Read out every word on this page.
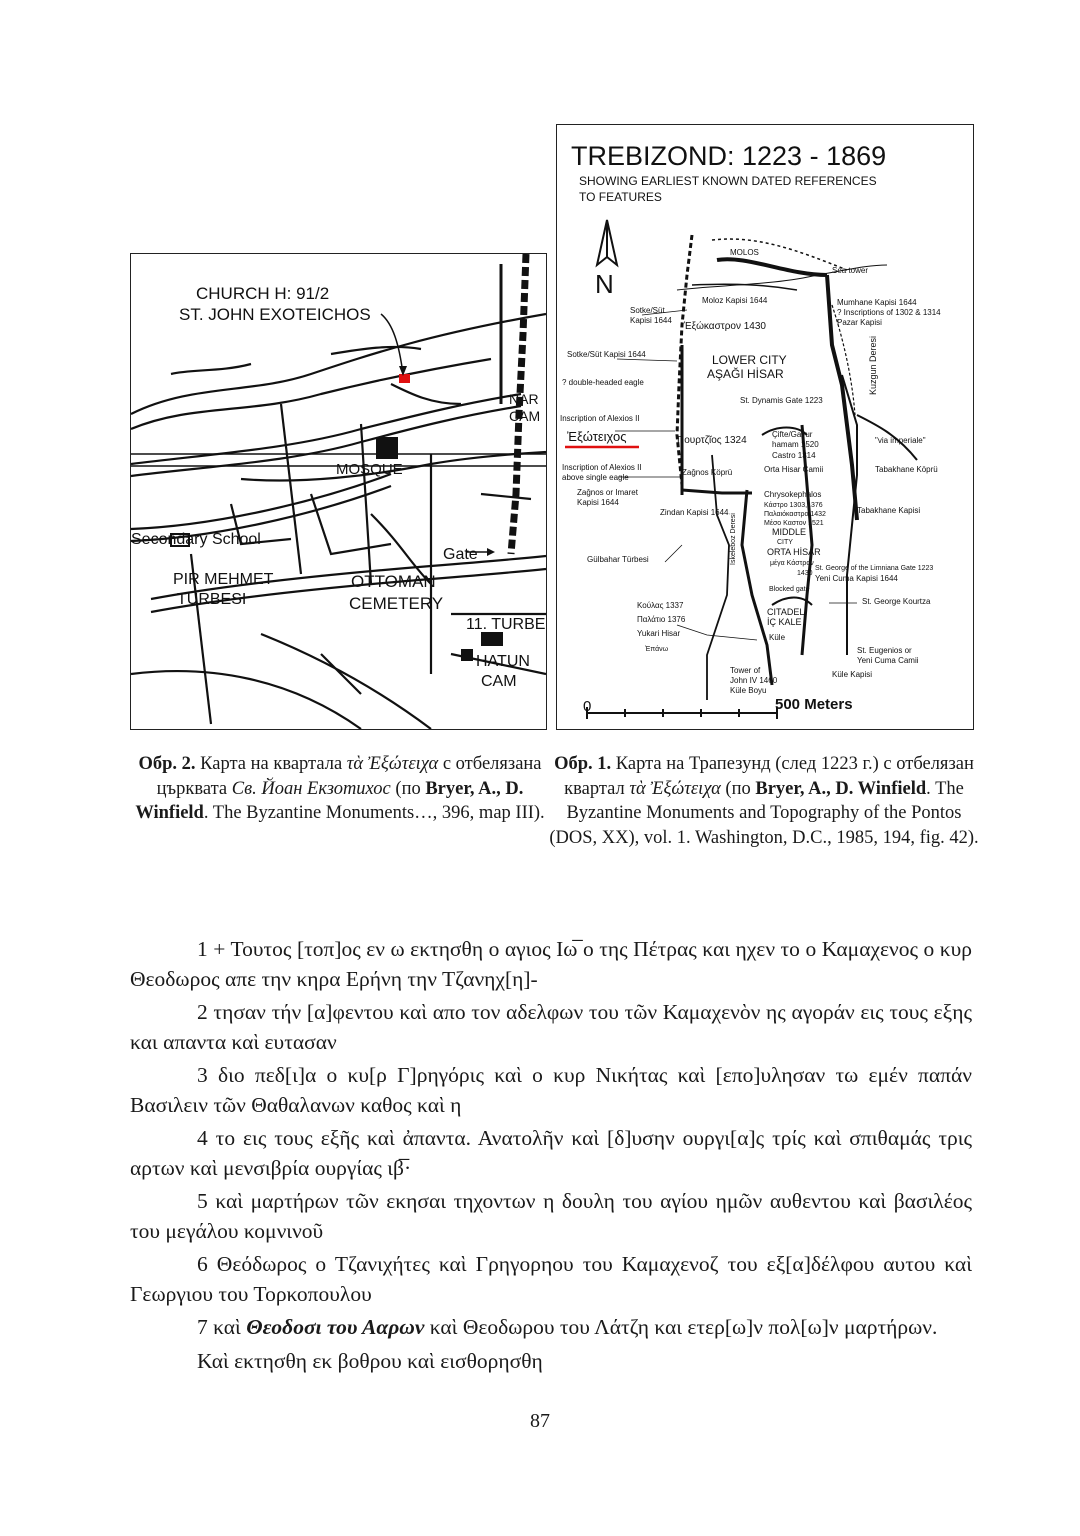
CHURCH H: 91/2
ST. JOHN EXOTEICHOS
MOSQUE
Secondary School
PIR MEHMET
TURBESI
OTTOMAN
CEMETERY
Gate
11. TURBE
HATUN
CAM
NAR
CAM
TREBIZOND: 1223 - 1869
SHOWING EARLIEST KNOWN DATED REFERENCES
TO FEATURES
N
0	500 Meters
MOLOS
Sea tower
Sotke/Süt
Kapisi 1644
Moloz Kapisi 1644
Ἐξώκαστρον 1430
Mumhane Kapisi 1644
? Inscriptions of 1302 & 1314
Pazar Kapisi
Sotke/Süt Kapisi 1644	LOWER CITY
AŞAĞI HİSAR
? double-headed eagle
St. Dynamis Gate 1223
Inscription of Alexios II
Ἐξώτειχος	Πουρτζῖος 1324
Çifte/Gavur
hamam 1520
Castro 1314
"via imperiale"
Orta Hisar Camii	Tabakhane Köprü
Inscription of Alexios II
above single eagle
Zağnos Köprü
Chrysokephalos
Κάστρο 1303,1376
Παλαιόκαστρο 1432
Μέσο Καστον 1521
Zağnos or Imaret
Kapisi 1644
Zindan Kapisi 1644
MIDDLE
CITY
ORTA HİSAR
μέγα Κάστρον
1430
Tabakhane Kapisi
Gülbahar Türbesi
St. George of the Limniana Gate 1223
Yeni Cuma Kapisi 1644
İskeleboz Deresi
Blocked gate
Κούλας 1337
Παλάτιο 1376
Yukari Hisar
Ἐπάνω
CITADEL
İÇ KALE
Küle
St. George Kourtza
St. Eugenios or
Yeni Cuma Camii
Tower of
John IV 1460
Küle Boyu
Küle Kapisi
Kuzgun Deresi
Обр. 2. Карта на квартала τὰ Ἐξώτειχα с отбелязана църквата Св. Йоан Екзотихос (по Bryer, A., D. Winfield. The Byzantine Monuments…, 396, map III).
Обр. 1. Карта на Трапезунд (след 1223 г.) с отбелязан квартал τὰ Ἐξώτειχα (по Bryer, A., D. Winfield. The Byzantine Monuments and Topography of the Pontos (DOS, XX), vol. 1. Washington, D.C., 1985, 194, fig. 42).

1 + Τουτος [τοπ]ος εν ω εκτησθη ο αγιος Ιω̅ ο της Πέτρας και ηχεν το ο Καμαχενος ο κυρ Θεοδωρος απε την κηρα Ερήνη την Τζανηχ[η]-

2 τησαν τήν [α]φεντου καὶ απο τον αδελφων του τῶν Καμαχενὸν ης αγοράν εις τους εξης και απαντα καὶ ευτασαν

3 διο πεδ[ι]α ο κυ[ρ Γ]ρηγόρις καὶ ο κυρ Νικήτας καὶ [επο]υλησαν τω εμέν παπάν Βασιλειν τῶν Θαθαλανων καθος καὶ η

4 το εις τους εξῆς καὶ ἀπαντα. Ανατολῆν καὶ [δ]υσην ουργι[α]ς τρίς καὶ σπιθαμάς τρις αρτων καὶ μενσιβρία ουργίας ιβ̅·

5 καὶ μαρτήρων τῶν εκησαι τηχοντων η δουλη του αγίου ημῶν αυθεντου καὶ βασιλέος του μεγάλου κομνινοῦ

6 Θεόδωρος ο Τζανιχήτες καὶ Γρηγορηου του Καμαχενοζ του εξ[α]δέλφου αυτου καὶ Γεωργιου του Τορκοπουλου

7 καὶ Θεοδοσι του Ααρων καὶ Θεοδωρου του Λάτζη και ετερ[ω]ν πολ[ω]ν μαρτήρων.

Καὶ εκτησθη εκ βοθρου καὶ εισθορησθη

87
